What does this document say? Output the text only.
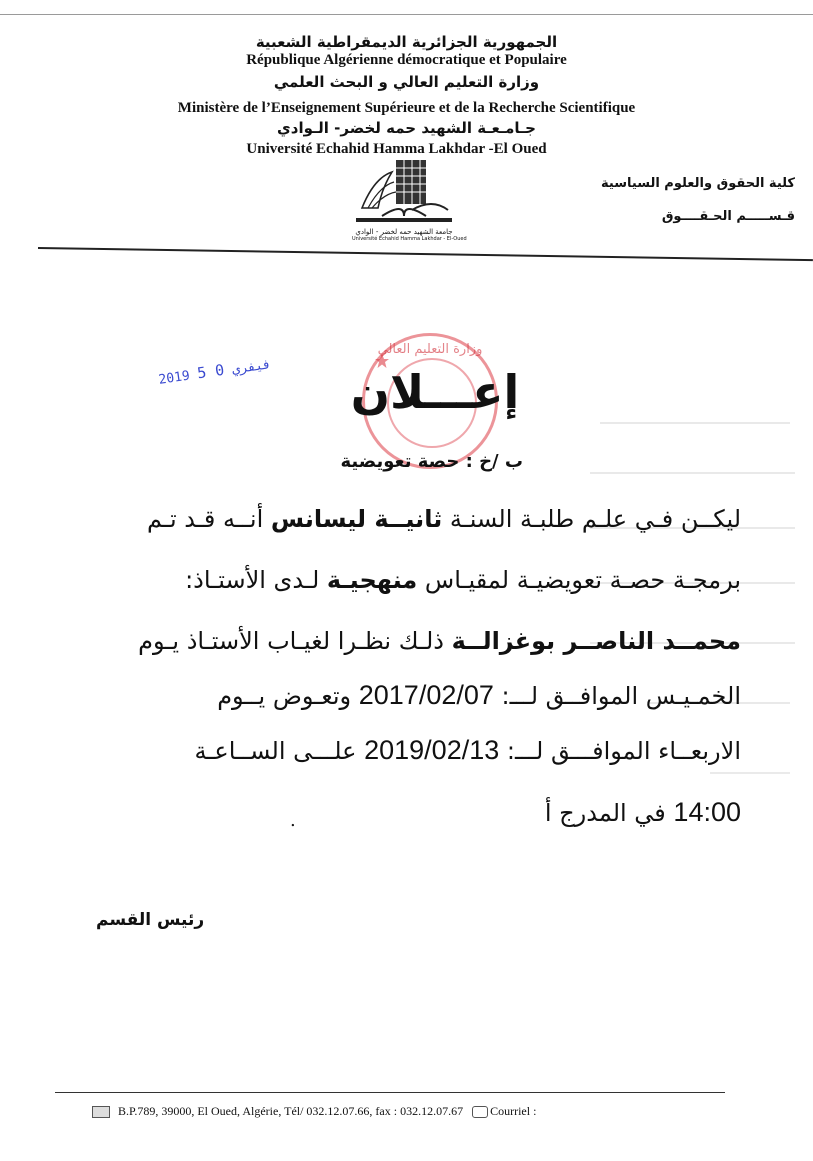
الجمهورية الجزائرية الديمقراطية الشعبية
République Algérienne démocratique et Populaire
وزارة التعليم العالي و البحث العلمي
Ministère de l’Enseignement Supérieure et de la Recherche Scientifique
جـامـعـة الشهيد حمه لخضر- الـوادي
Université Echahid Hamma Lakhdar -El Oued
جامعة الشهيد حمه لخضر - الوادي
Université Echahid Hamma Lakhdar - El-Oued
كلية الحقوق والعلوم السياسية
قـســـــم الحـقــــوق
وزارة التعليم العالي
2019 فيفري 0 5	إعـــلان
ب /خ : حصة تعويضية
ليكــن فـي علـم طلبـة السنـة ثانيــة ليسانس أنــه قـد تـم
برمجـة حصـة تعويضيـة لمقيـاس منهجيـة لـدى الأستـاذ:
محمــد الناصــر بوغزالــة ذلـك نظـرا لغيـاب الأستـاذ يـوم
الخمـيـس الموافــق لـــ: 2017/02/07 وتعـوض يــوم
الاربعــاء الموافـــق لـــ: 2019/02/13 علـــى الســاعـة
14:00 في المدرج أ
.
رئيس القسم
B.P.789, 39000, El Oued, Algérie, Tél/ 032.12.07.66, fax : 032.12.07.67 Courriel :
